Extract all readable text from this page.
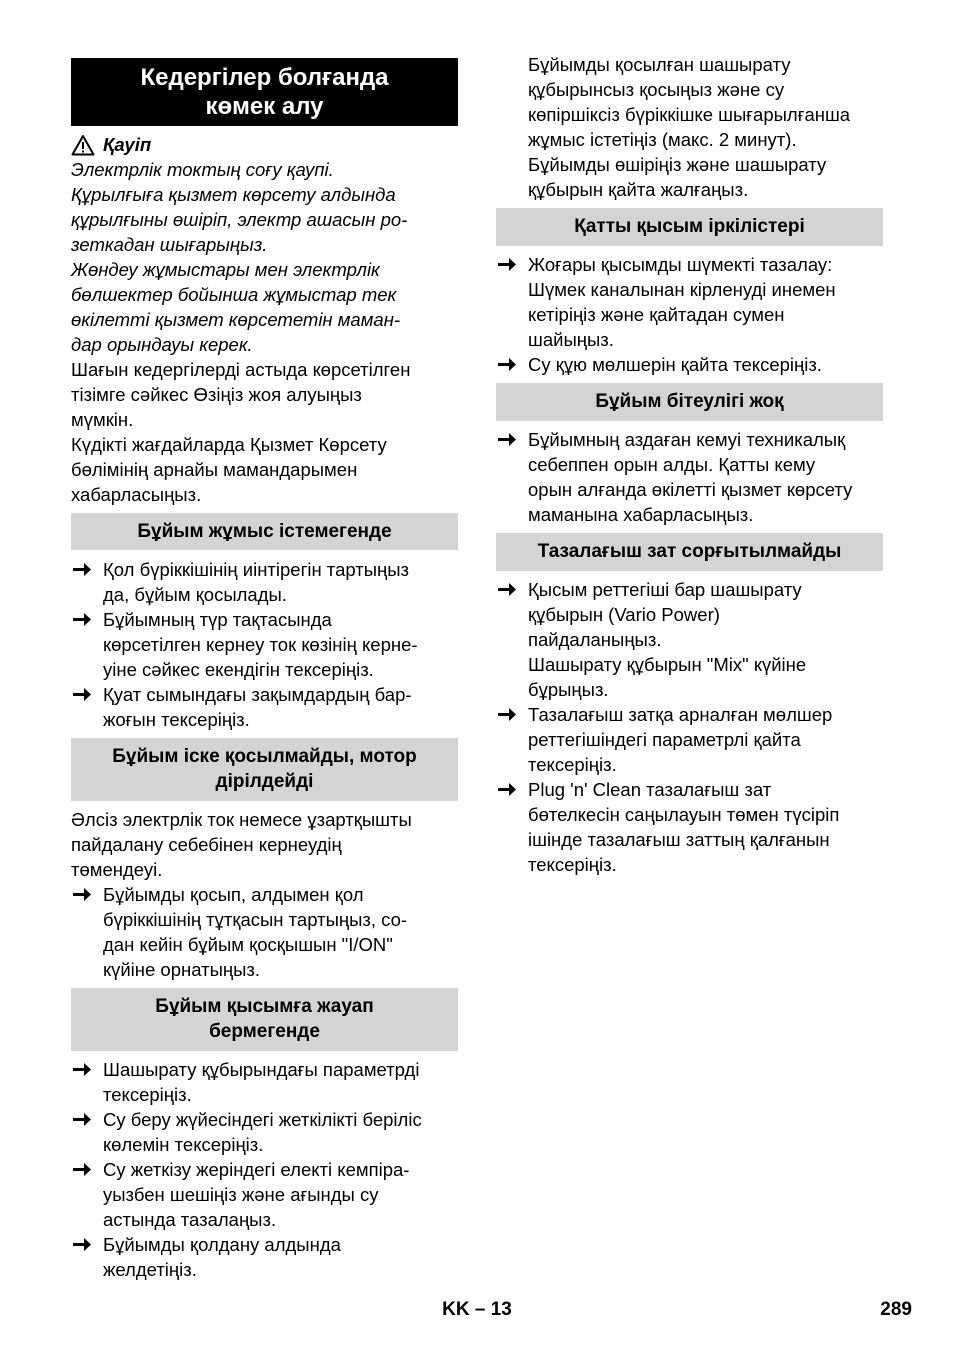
Кедергілер болғанда
көмек алу
Қауіп
Электрлік токтың соғу қаупі.
Құрылғыға қызмет көрсету алдында
құрылғыны өшіріп, электр ашасын ро-
зеткадан шығарыңыз.
Жөндеу жұмыстары мен электрлік
бөлшектер бойынша жұмыстар тек
өкілетті қызмет көрсететін маман-
дар орындауы керек.
Шағын кедергілерді астыда көрсетілген
тізімге сәйкес Өзіңіз жоя алуыңыз
мүмкін.
Күдікті жағдайларда Қызмет Көрсету
бөлімінің арнайы мамандарымен
хабарласыңыз.
Бұйым жұмыс істемегенде
Қол бүріккішінің иінтірегін тартыңыз
да, бұйым қосылады.
Бұйымның түр тақтасында
көрсетілген кернеу ток көзінің керне-
уіне сәйкес екендігін тексеріңіз.
Қуат сымындағы зақымдардың бар-
жоғын тексеріңіз.
Бұйым іске қосылмайды, мотор
дірілдейді
Әлсіз электрлік ток немесе ұзартқышты
пайдалану себебінен кернеудің
төмендеуі.
Бұйымды қосып, алдымен қол
бүріккішінің тұтқасын тартыңыз, со-
дан кейін бұйым қосқышын "I/ON"
күйіне орнатыңыз.
Бұйым қысымға жауап
бермегенде
Шашырату құбырындағы параметрді
тексеріңіз.
Су беру жүйесіндегі жеткілікті беріліс
көлемін тексеріңіз.
Су жеткізу жеріндегі електі кемпіра-
уызбен шешіңіз және ағынды су
астында тазалаңыз.
Бұйымды қолдану алдында
желдетіңіз.
Бұйымды қосылған шашырату
құбырынсыз қосыңыз және су
көпіршіксіз бүріккішке шығарылғанша
жұмыс істетіңіз (макс. 2 минут).
Бұйымды өшіріңіз және шашырату
құбырын қайта жалғаңыз.
Қатты қысым іркілістері
Жоғары қысымды шүмекті тазалау:
Шүмек каналынан кірленуді инемен
кетіріңіз және қайтадан сумен
шайыңыз.
Су құю мөлшерін қайта тексеріңіз.
Бұйым бітеулігі жоқ
Бұйымның аздаған кемуі техникалық
себеппен орын алды. Қатты кему
орын алғанда өкілетті қызмет көрсету
маманына хабарласыңыз.
Тазалағыш зат сорғытылмайды
Қысым реттегіші бар шашырату
құбырын (Vario Power)
пайдаланыңыз.
Шашырату құбырын "Mix" күйіне
бұрыңыз.
Тазалағыш затқа арналған мөлшер
реттегішіндегі параметрлі қайта
тексеріңіз.
Plug 'n' Clean тазалағыш зат
бөтелкесін саңылауын төмен түсіріп
ішінде тазалағыш заттың қалғанын
тексеріңіз.
KK – 13	289
